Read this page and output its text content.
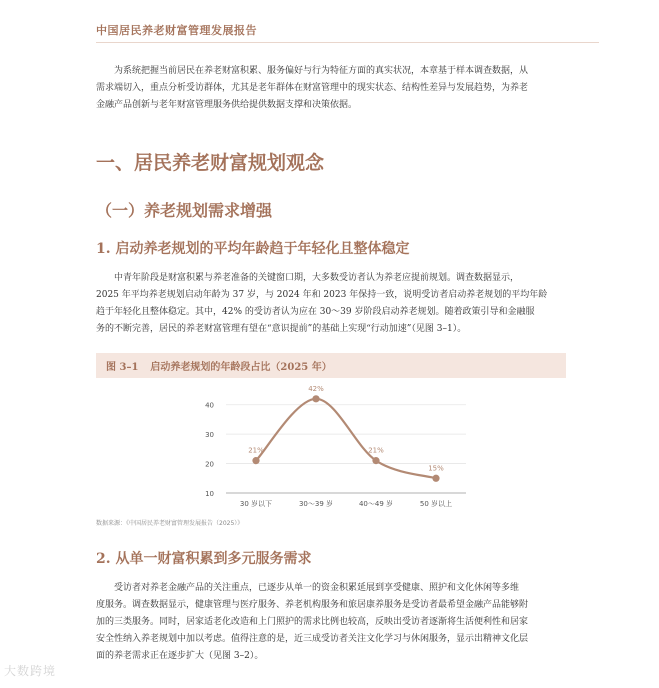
中国居民养老财富管理发展报告
为系统把握当前居民在养老财富积累、服务偏好与行为特征方面的真实状况，本章基于样本调查数据，从
需求端切入，重点分析受访群体，尤其是老年群体在财富管理中的现实状态、结构性差异与发展趋势，为养老
金融产品创新与老年财富管理服务供给提供数据支撑和决策依据。
一、居民养老财富规划观念
（一）养老规划需求增强
1. 启动养老规划的平均年龄趋于年轻化且整体稳定
中青年阶段是财富积累与养老准备的关键窗口期，大多数受访者认为养老应提前规划。调查数据显示，
2025 年平均养老规划启动年龄为 37 岁，与 2024 年和 2023 年保持一致，说明受访者启动养老规划的平均年龄
趋于年轻化且整体稳定。其中，42% 的受访者认为应在 30～39 岁阶段启动养老规划。随着政策引导和金融服
务的不断完善，居民的养老财富管理有望在“意识提前”的基础上实现“行动加速”（见图 3–1）。
图 3–1 启动养老规划的年龄段占比（2025 年）
10
20
30
40
30 岁以下	30～39 岁	40～49 岁	50 岁以上
21%
42%
21%
15%
数据来源：《中国居民养老财富管理发展报告（2025）》
2. 从单一财富积累到多元服务需求
受访者对养老金融产品的关注重点，已逐步从单一的资金积累延展到享受健康、照护和文化休闲等多维
度服务。调查数据显示，健康管理与医疗服务、养老机构服务和旅居康养服务是受访者最希望金融产品能够附
加的三类服务。同时，居家适老化改造和上门照护的需求比例也较高，反映出受访者逐渐将生活便利性和居家
安全性纳入养老规划中加以考虑。值得注意的是，近三成受访者关注文化学习与休闲服务，显示出精神文化层
面的养老需求正在逐步扩大（见图 3–2）。
大数跨境
